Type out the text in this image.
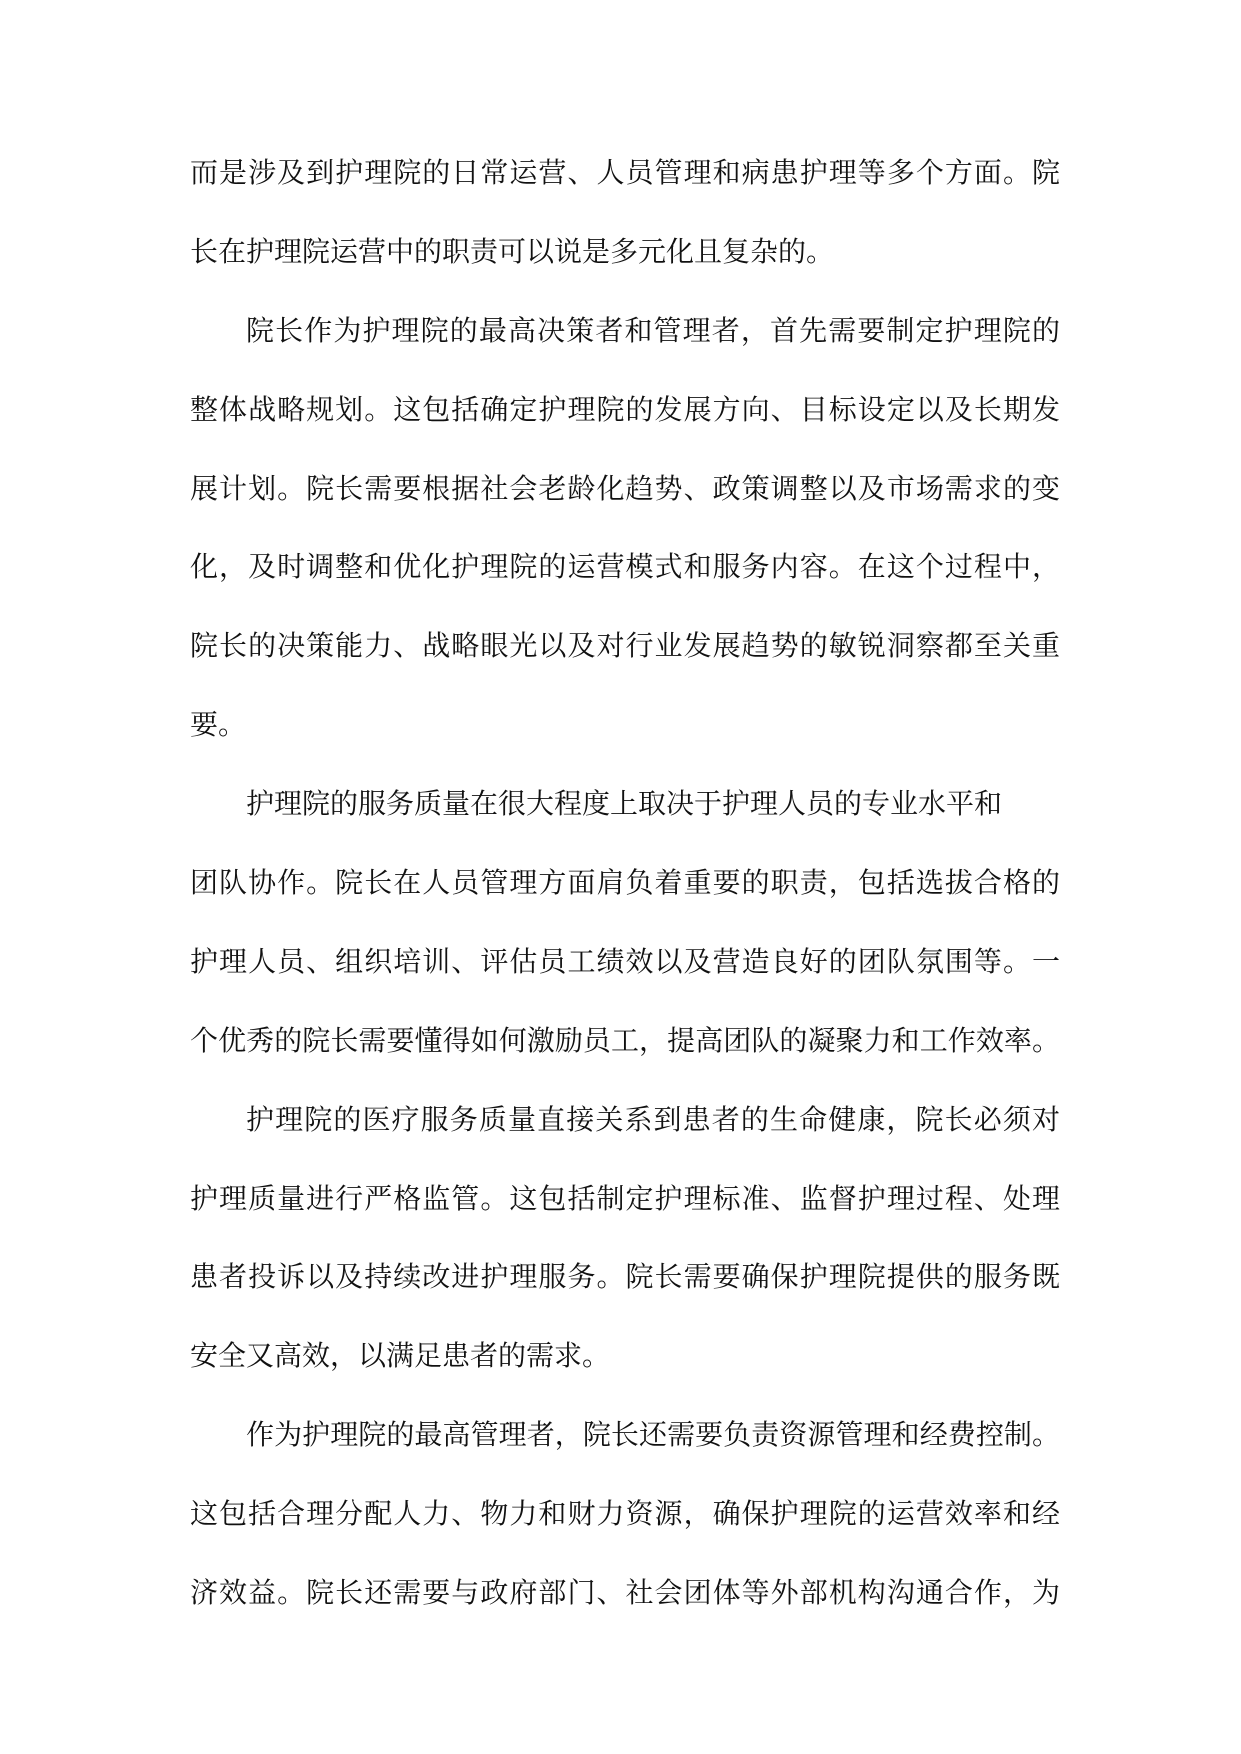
而是涉及到护理院的日常运营、人员管理和病患护理等多个方面。院
长在护理院运营中的职责可以说是多元化且复杂的。
院长作为护理院的最高决策者和管理者，首先需要制定护理院的
整体战略规划。这包括确定护理院的发展方向、目标设定以及长期发
展计划。院长需要根据社会老龄化趋势、政策调整以及市场需求的变
化，及时调整和优化护理院的运营模式和服务内容。在这个过程中，
院长的决策能力、战略眼光以及对行业发展趋势的敏锐洞察都至关重
要。
护理院的服务质量在很大程度上取决于护理人员的专业水平和
团队协作。院长在人员管理方面肩负着重要的职责，包括选拔合格的
护理人员、组织培训、评估员工绩效以及营造良好的团队氛围等。一
个优秀的院长需要懂得如何激励员工，提高团队的凝聚力和工作效率。
护理院的医疗服务质量直接关系到患者的生命健康，院长必须对
护理质量进行严格监管。这包括制定护理标准、监督护理过程、处理
患者投诉以及持续改进护理服务。院长需要确保护理院提供的服务既
安全又高效，以满足患者的需求。
作为护理院的最高管理者，院长还需要负责资源管理和经费控制。
这包括合理分配人力、物力和财力资源，确保护理院的运营效率和经
济效益。院长还需要与政府部门、社会团体等外部机构沟通合作，为
